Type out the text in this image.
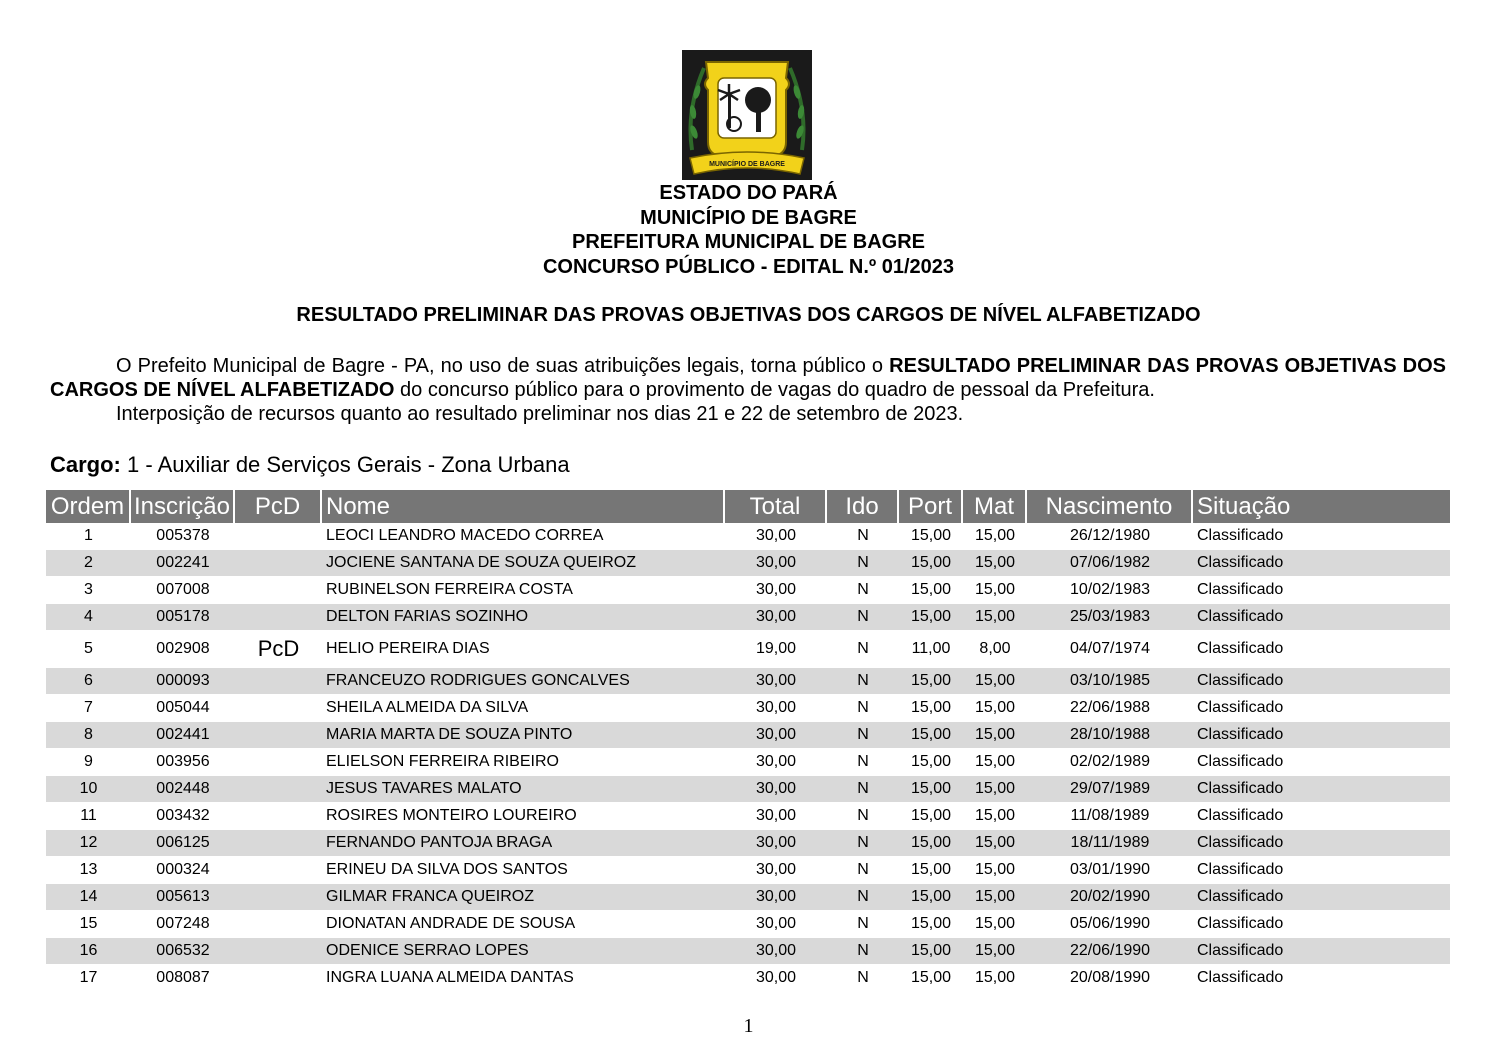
MUNICÍPIO DE BAGRE
ESTADO DO PARÁ
MUNICÍPIO DE BAGRE
PREFEITURA MUNICIPAL DE BAGRE
CONCURSO PÚBLICO - EDITAL N.º 01/2023
RESULTADO PRELIMINAR DAS PROVAS OBJETIVAS DOS CARGOS DE NÍVEL ALFABETIZADO
O Prefeito Municipal de Bagre - PA, no uso de suas atribuições legais, torna público o RESULTADO PRELIMINAR DAS PROVAS OBJETIVAS DOS CARGOS DE NÍVEL ALFABETIZADO do concurso público para o provimento de vagas do quadro de pessoal da Prefeitura.
Interposição de recursos quanto ao resultado preliminar nos dias 21 e 22 de setembro de 2023.
Cargo: 1 - Auxiliar de Serviços Gerais - Zona Urbana
Ordem	Inscrição	PcD	Nome	Total	Ido	Port	Mat	Nascimento	Situação
1	005378		LEOCI LEANDRO MACEDO CORREA	30,00	N	15,00	15,00	26/12/1980	Classificado
2	002241		JOCIENE SANTANA DE SOUZA QUEIROZ	30,00	N	15,00	15,00	07/06/1982	Classificado
3	007008		RUBINELSON FERREIRA COSTA	30,00	N	15,00	15,00	10/02/1983	Classificado
4	005178		DELTON FARIAS SOZINHO	30,00	N	15,00	15,00	25/03/1983	Classificado
5	002908	PcD	HELIO PEREIRA DIAS	19,00	N	11,00	8,00	04/07/1974	Classificado
6	000093		FRANCEUZO RODRIGUES GONCALVES	30,00	N	15,00	15,00	03/10/1985	Classificado
7	005044		SHEILA ALMEIDA DA SILVA	30,00	N	15,00	15,00	22/06/1988	Classificado
8	002441		MARIA MARTA DE SOUZA PINTO	30,00	N	15,00	15,00	28/10/1988	Classificado
9	003956		ELIELSON FERREIRA RIBEIRO	30,00	N	15,00	15,00	02/02/1989	Classificado
10	002448		JESUS TAVARES MALATO	30,00	N	15,00	15,00	29/07/1989	Classificado
11	003432		ROSIRES MONTEIRO LOUREIRO	30,00	N	15,00	15,00	11/08/1989	Classificado
12	006125		FERNANDO PANTOJA BRAGA	30,00	N	15,00	15,00	18/11/1989	Classificado
13	000324		ERINEU DA SILVA DOS SANTOS	30,00	N	15,00	15,00	03/01/1990	Classificado
14	005613		GILMAR FRANCA QUEIROZ	30,00	N	15,00	15,00	20/02/1990	Classificado
15	007248		DIONATAN ANDRADE DE SOUSA	30,00	N	15,00	15,00	05/06/1990	Classificado
16	006532		ODENICE SERRAO LOPES	30,00	N	15,00	15,00	22/06/1990	Classificado
17	008087		INGRA LUANA ALMEIDA DANTAS	30,00	N	15,00	15,00	20/08/1990	Classificado
1
